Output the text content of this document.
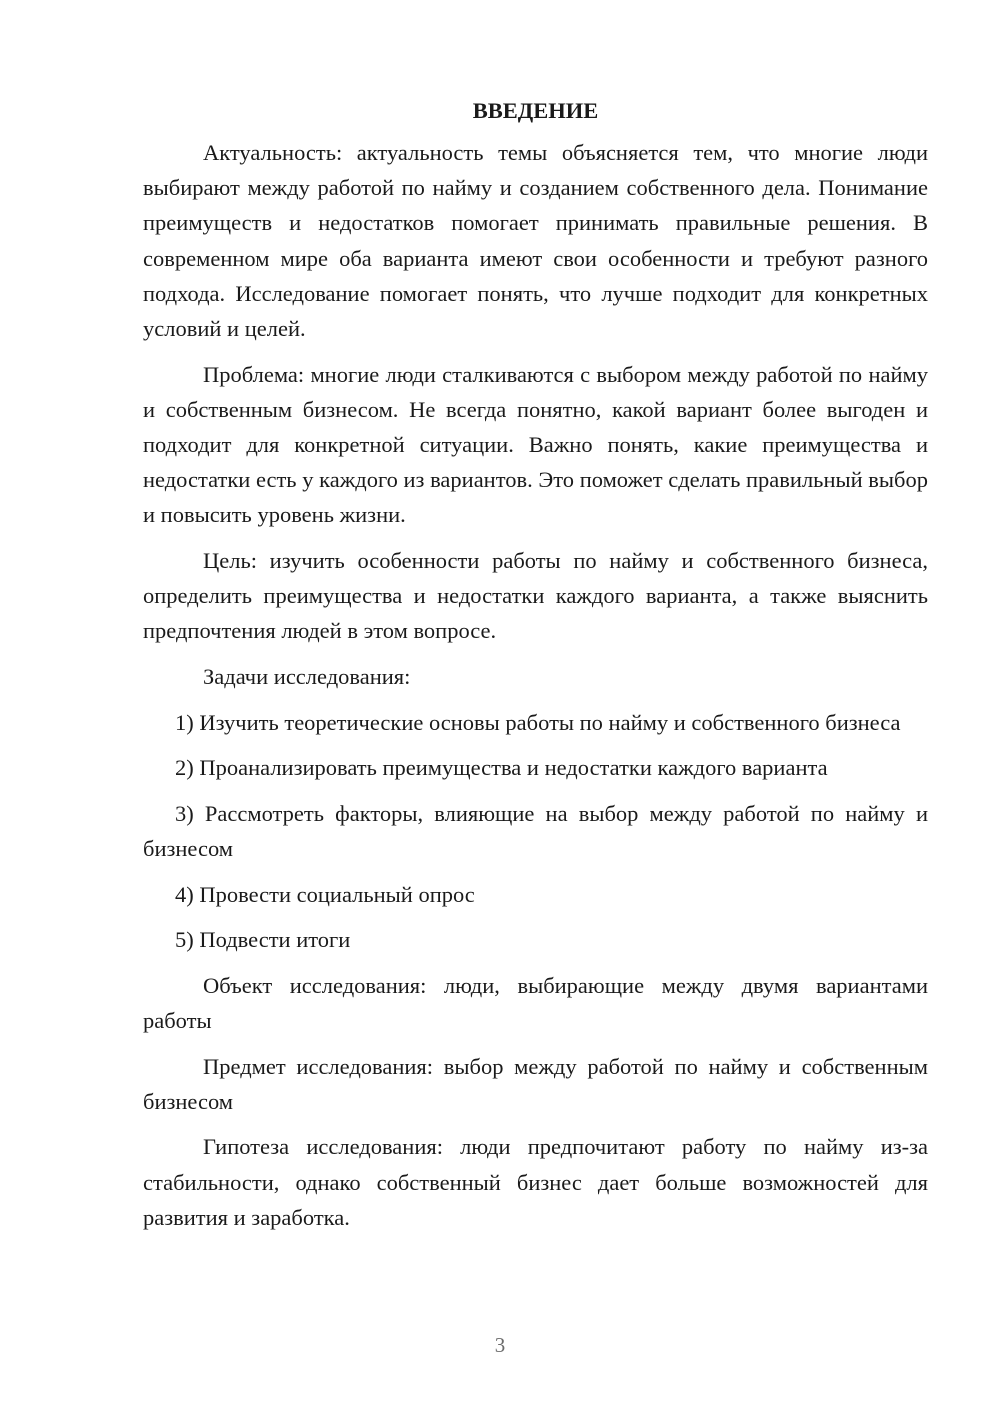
ВВЕДЕНИЕ

Актуальность: актуальность темы объясняется тем, что многие люди выбирают между работой по найму и созданием собственного дела. Понимание преимуществ и недостатков помогает принимать правильные решения. В современном мире оба варианта имеют свои особенности и требуют разного подхода. Исследование помогает понять, что лучше подходит для конкретных условий и целей.

Проблема: многие люди сталкиваются с выбором между работой по найму и собственным бизнесом. Не всегда понятно, какой вариант более выгоден и подходит для конкретной ситуации. Важно понять, какие преимущества и недостатки есть у каждого из вариантов. Это поможет сделать правильный выбор и повысить уровень жизни.

Цель: изучить особенности работы по найму и собственного бизнеса, определить преимущества и недостатки каждого варианта, а также выяснить предпочтения людей в этом вопросе.

Задачи исследования:

1) Изучить теоретические основы работы по найму и собственного бизнеса

2) Проанализировать преимущества и недостатки каждого варианта

3) Рассмотреть факторы, влияющие на выбор между работой по найму и бизнесом

4) Провести социальный опрос

5) Подвести итоги

Объект исследования: люди, выбирающие между двумя вариантами работы

Предмет исследования: выбор между работой по найму и собственным бизнесом

Гипотеза исследования: люди предпочитают работу по найму из-за стабильности, однако собственный бизнес дает больше возможностей для развития и заработка.

3
